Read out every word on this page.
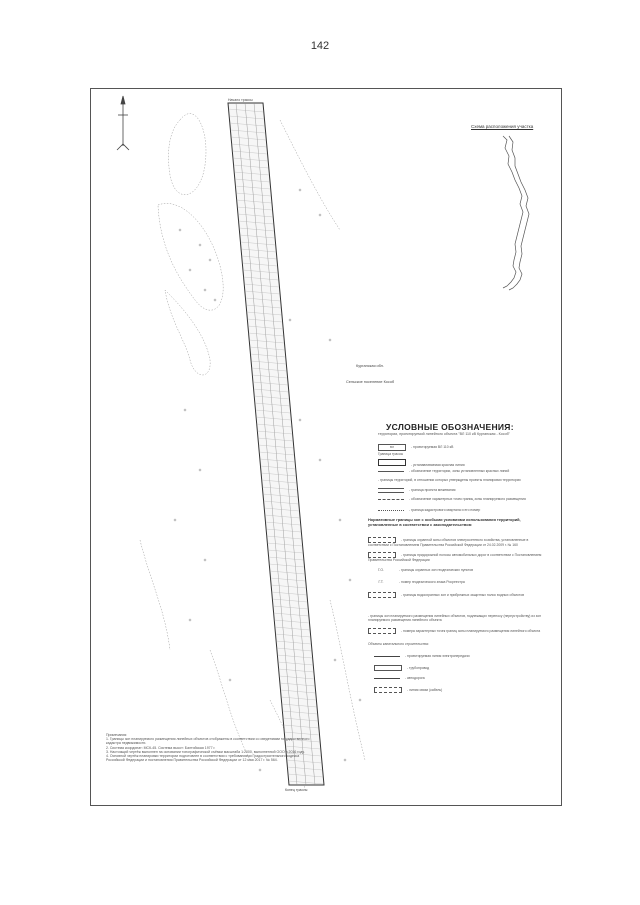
142
Начало трассы
Конец трассы
Схема расположения участка
Курганская обл.
Сельское поселение Кособ
УСЛОВНЫЕ ОБОЗНАЧЕНИЯ:
территории, проектируемой линейного объекта "ВЛ 110 кВ Курганская - Кособ"
ВЛ	- проектируемая ВЛ 110 кВ
Граница трассы
- устанавливаемая красная линия
- обозначение территории, зоны установленных красных линий
- границы территорий, в отношении которых утверждены проекты планировки территории
- граница проекта межевания
- обозначение характерных точек границ зоны планируемого размещения
- граница кадастрового квартала и его номер
Нормативные границы зон с особыми условиями использования территорий, установленные в соответствии с законодательством
- границы охранной зоны объектов электросетевого хозяйства, установленные в соответствии с Постановлением Правительства Российской Федерации от 24.02.2009 г. № 160
- границы придорожной полосы автомобильных дорог в соответствии с Постановлением Правительства Российской Федерации
Г.О.	- границы охранных зон геодезических пунктов
Г.Т.	- номер геодезического знака Росреестра
- границы водоохранных зон и прибрежных защитных полос водных объектов
- границы зон планируемого размещения линейных объектов, подлежащих переносу (переустройству) из зон планируемого размещения линейного объекта
- номера характерных точек границ зоны планируемого размещения линейного объекта
Объекты капитального строительства:
- проектируемая линия электропередачи
- трубопровод
- автодорога
- линия связи (кабель)
Примечания:
1. Границы зон планируемого размещения линейных объектов отображены в соответствии со сведениями государственного кадастра недвижимости.
2. Система координат: МСК-45. Система высот: Балтийская 1977 г.
3. Настоящий чертёж выполнен на основании топографической съёмки масштаба 1:2000, выполненной ООО в 2016 году.
4. Основной чертёж планировки территории подготовлен в соответствии с требованиями Градостроительного кодекса Российской Федерации и постановления Правительства Российской Федерации от 12 мая 2017 г. № 564.
